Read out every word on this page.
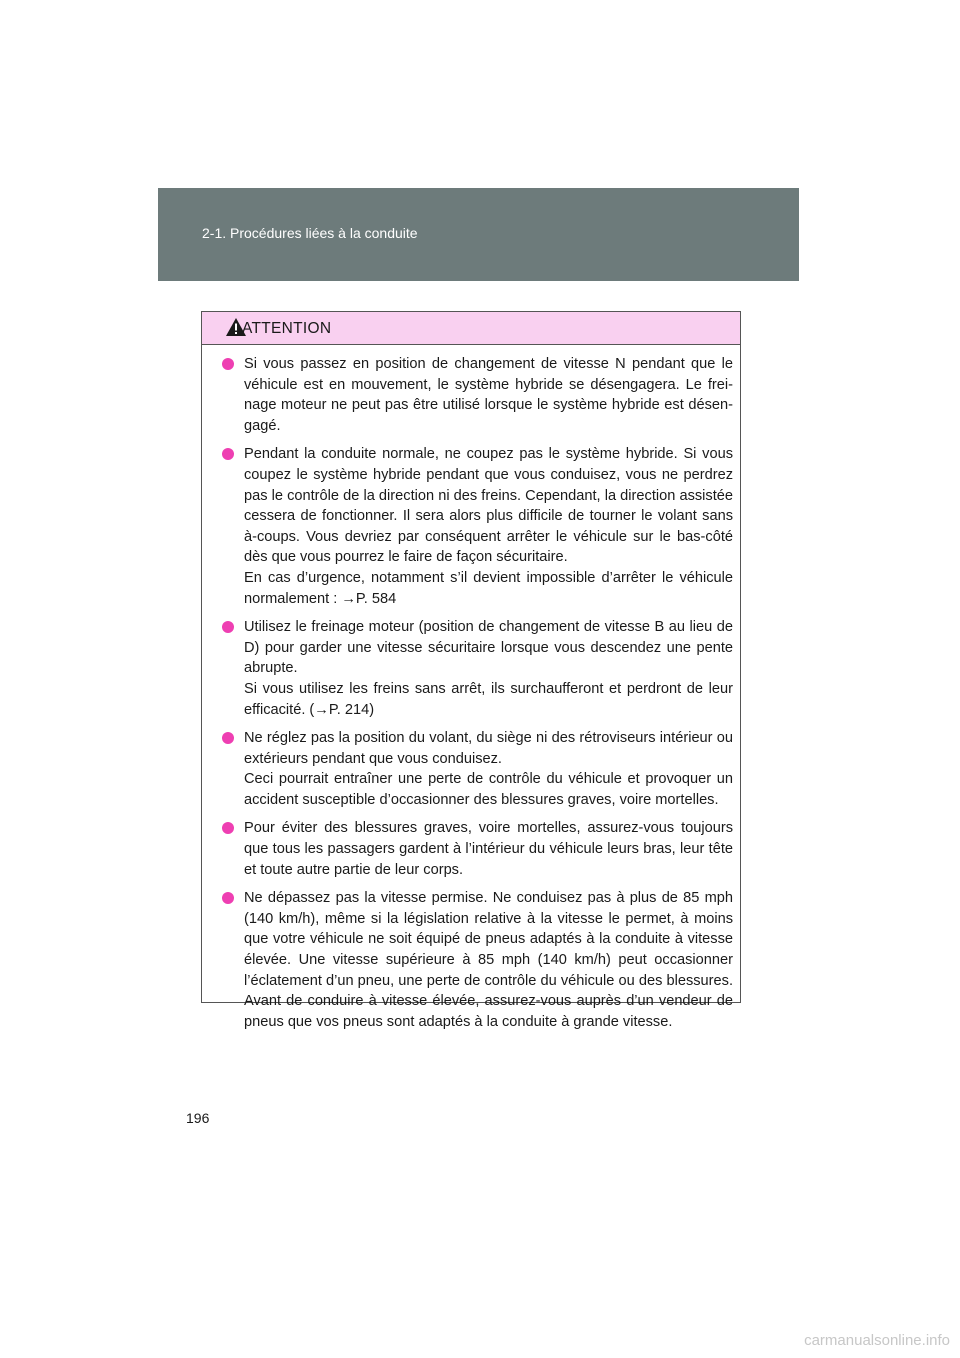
2-1. Procédures liées à la conduite
ATTENTION

Si vous passez en position de changement de vitesse N pendant que le véhicule est en mouvement, le système hybride se désengagera. Le freinage moteur ne peut pas être utilisé lorsque le système hybride est désengagé.

Pendant la conduite normale, ne coupez pas le système hybride. Si vous coupez le système hybride pendant que vous conduisez, vous ne perdrez pas le contrôle de la direction ni des freins. Cependant, la direction assistée cessera de fonctionner. Il sera alors plus difficile de tourner le volant sans à-coups. Vous devriez par conséquent arrêter le véhicule sur le bas-côté dès que vous pourrez le faire de façon sécuritaire.

En cas d’urgence, notamment s’il devient impossible d’arrêter le véhicule normalement : →P. 584

Utilisez le freinage moteur (position de changement de vitesse B au lieu de D) pour garder une vitesse sécuritaire lorsque vous descendez une pente abrupte.

Si vous utilisez les freins sans arrêt, ils surchaufferont et perdront de leur efficacité. (→P. 214)

Ne réglez pas la position du volant, du siège ni des rétroviseurs intérieur ou extérieurs pendant que vous conduisez.

Ceci pourrait entraîner une perte de contrôle du véhicule et provoquer un accident susceptible d’occasionner des blessures graves, voire mortelles.

Pour éviter des blessures graves, voire mortelles, assurez-vous toujours que tous les passagers gardent à l’intérieur du véhicule leurs bras, leur tête et toute autre partie de leur corps.

Ne dépassez pas la vitesse permise. Ne conduisez pas à plus de 85 mph (140 km/h), même si la législation relative à la vitesse le permet, à moins que votre véhicule ne soit équipé de pneus adaptés à la conduite à vitesse élevée. Une vitesse supérieure à 85 mph (140 km/h) peut occasionner l’éclatement d’un pneu, une perte de contrôle du véhicule ou des blessures. Avant de conduire à vitesse élevée, assurez-vous auprès d’un vendeur de pneus que vos pneus sont adaptés à la conduite à grande vitesse.

196
carmanualsonline.info
